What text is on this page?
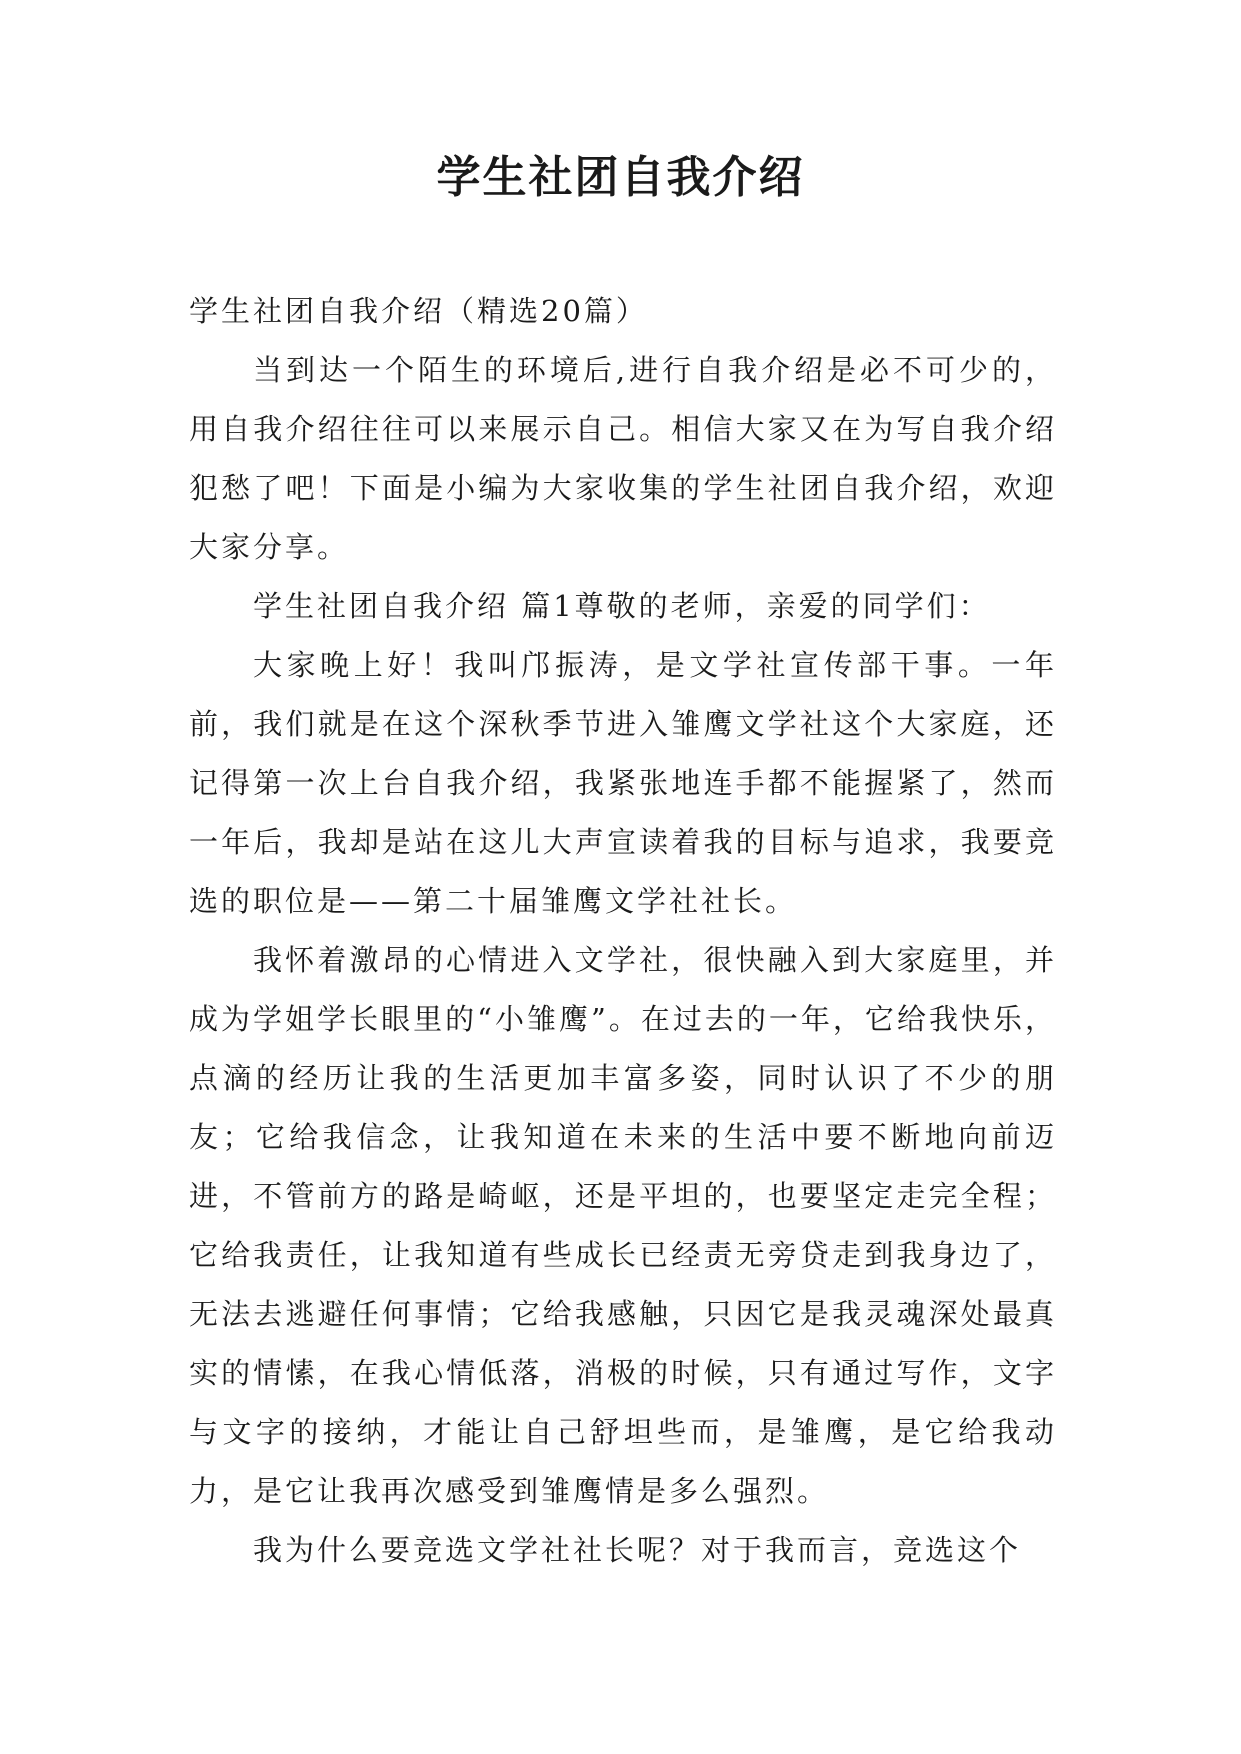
学生社团自我介绍

学生社团自我介绍（精选20篇）

当到达一个陌生的环境后,进行自我介绍是必不可少的，用自我介绍往往可以来展示自己。相信大家又在为写自我介绍犯愁了吧！下面是小编为大家收集的学生社团自我介绍，欢迎大家分享。

学生社团自我介绍 篇1尊敬的老师，亲爱的同学们：

大家晚上好！我叫邝振涛，是文学社宣传部干事。一年前，我们就是在这个深秋季节进入雏鹰文学社这个大家庭，还记得第一次上台自我介绍，我紧张地连手都不能握紧了，然而一年后，我却是站在这儿大声宣读着我的目标与追求，我要竞选的职位是——第二十届雏鹰文学社社长。

我怀着激昂的心情进入文学社，很快融入到大家庭里，并成为学姐学长眼里的“小雏鹰”。在过去的一年，它给我快乐，点滴的经历让我的生活更加丰富多姿，同时认识了不少的朋友；它给我信念，让我知道在未来的生活中要不断地向前迈进，不管前方的路是崎岖，还是平坦的，也要坚定走完全程；它给我责任，让我知道有些成长已经责无旁贷走到我身边了，无法去逃避任何事情；它给我感触，只因它是我灵魂深处最真实的情愫，在我心情低落，消极的时候，只有通过写作，文字与文字的接纳，才能让自己舒坦些而，是雏鹰，是它给我动力，是它让我再次感受到雏鹰情是多么强烈。

我为什么要竞选文学社社长呢？对于我而言，竞选这个
